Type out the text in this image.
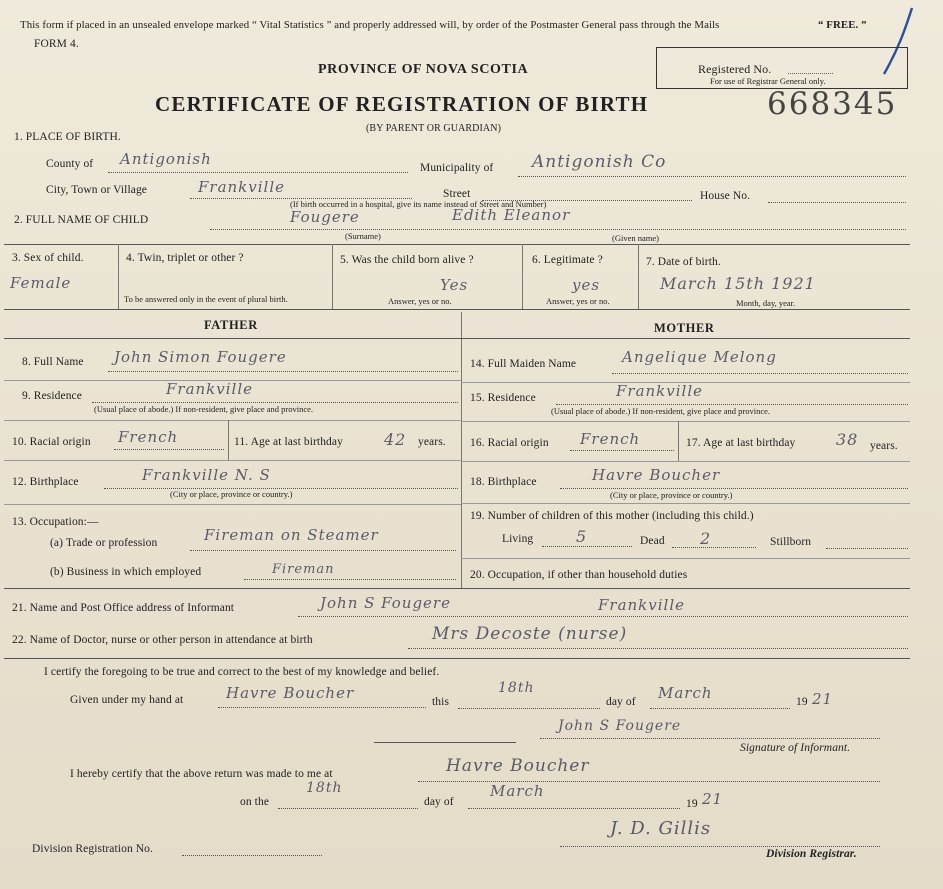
This form if placed in an unsealed envelope marked “ Vital Statistics ” and properly addressed will, by order of the Postmaster General pass through the Mails	“ FREE. ”
FORM 4.
PROVINCE OF NOVA SCOTIA
CERTIFICATE OF REGISTRATION OF BIRTH	668345
(BY PARENT OR GUARDIAN)
Registered No.
For use of Registrar General only.
1. PLACE OF BIRTH.
County of Antigonish	Municipality of Antigonish Co
City, Town or Village	Frankville	Street	House No.
(If birth occurred in a hospital, give its name instead of Street and Number)
2. FULL NAME OF CHILD	Fougere	Edith Eleanor
(Surname)	(Given name)
3. Sex of child.
Female
4. Twin, triplet or other ?
To be answered only in the event of plural birth.
5. Was the child born alive ?
Yes
Answer, yes or no.
6. Legitimate ?
yes
Answer, yes or no.
7. Date of birth.
March 15th 1921
Month, day, year.
FATHER	MOTHER
8. Full Name John Simon Fougere
9. Residence	Frankville
(Usual place of abode.) If non-resident, give place and province.
10. Racial origin French	11. Age at last birthday	42 years.
12. Birthplace	Frankville N. S
(City or place, province or country.)
13. Occupation:—
(a) Trade or profession	Fireman on Steamer
(b) Business in which employed	Fireman
14. Full Maiden Name	Angelique Melong
15. Residence	Frankville
(Usual place of abode.) If non-resident, give place and province.
16. Racial origin French	17. Age at last birthday	38 years.
18. Birthplace	Havre Boucher
(City or place, province or country.)
19. Number of children of this mother (including this child.)
Living	5	Dead 2	Stillborn
20. Occupation, if other than household duties
21. Name and Post Office address of Informant	John S Fougere	Frankville
22. Name of Doctor, nurse or other person in attendance at birth	Mrs Decoste (nurse)
I certify the foregoing to be true and correct to the best of my knowledge and belief.
Given under my hand at	Havre Boucher	this
18th
day of March	19 21
John S Fougere
Signature of Informant.
I hereby certify that the above return was made to me at	Havre Boucher
on the
18th
day of
March
19 21
J. D. Gillis
Division Registration No.	Division Registrar.
